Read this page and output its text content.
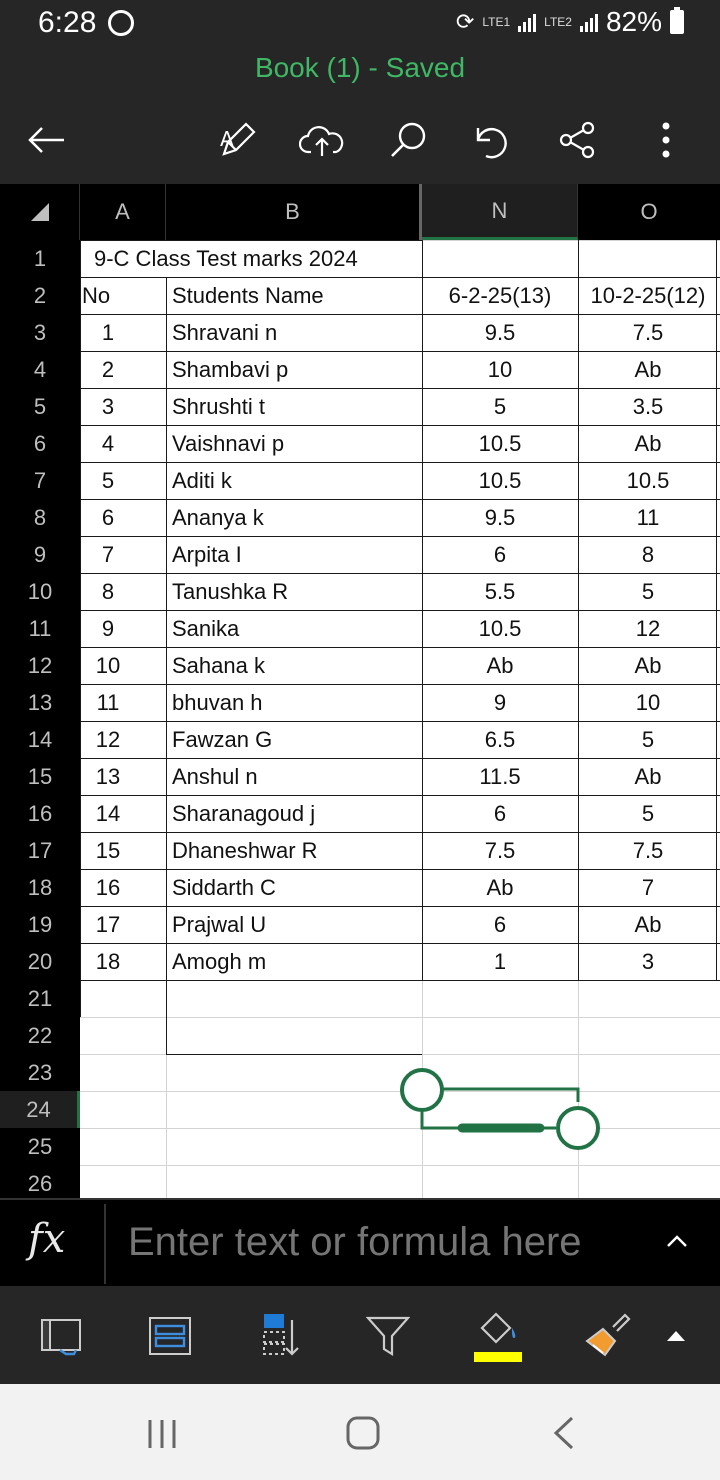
6:28	⟳ LTE1	LTE2 82%
Book (1) - Saved
A
A	B	N	O
1
2
3
4
5
6
7
8
9
10
11
12
13
14
15
16
17
18
19
20
21
22
23
24
25
26
9-C Class Test marks 2024
No	Students Name	6-2-25(13)	10-2-25(12)
1	Shravani n	9.5	7.5
2	Shambavi p	10	Ab
3	Shrushti t	5	3.5
4	Vaishnavi p	10.5	Ab
5	Aditi k	10.5	10.5
6	Ananya k	9.5	11
7	Arpita I	6	8
8	Tanushka R	5.5	5
9	Sanika	10.5	12
10	Sahana k	Ab	Ab
11	bhuvan h	9	10
12	Fawzan G	6.5	5
13	Anshul n	11.5	Ab
14	Sharanagoud j	6	5
15	Dhaneshwar R	7.5	7.5
16	Siddarth C	Ab	7
17	Prajwal U	6	Ab
18	Amogh m	1	3
fx
Enter text or formula here
